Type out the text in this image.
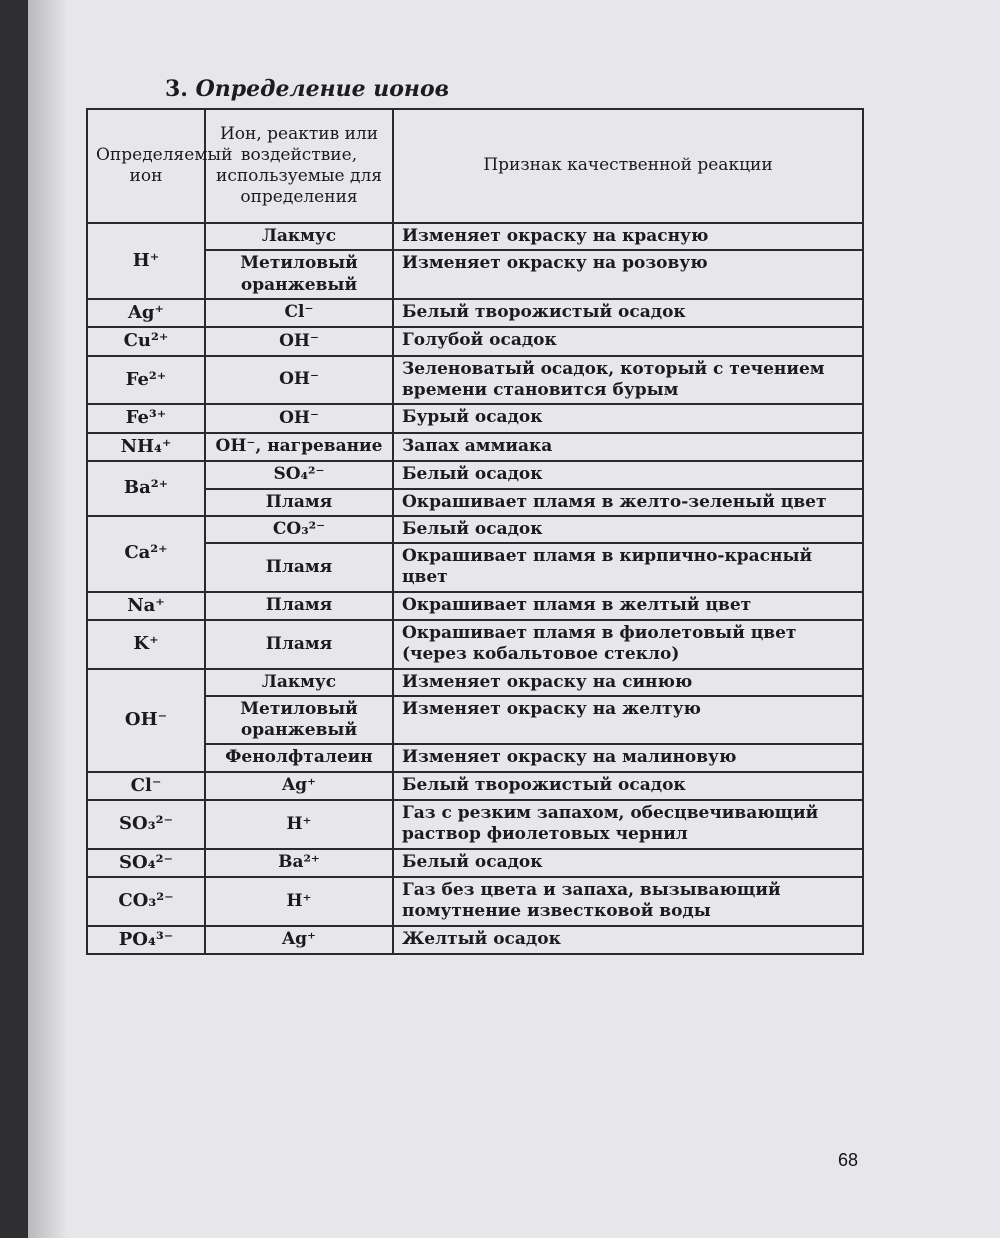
3. Определение ионов
Определяемый ион	Ион, реактив или воздействие, используемые для определения	Признак качественной реакции
H⁺	Лакмус	Изменяет окраску на красную
	Метиловый оранжевый	Изменяет окраску на розовую
Ag⁺	Cl⁻	Белый творожистый осадок
Cu²⁺	OH⁻	Голубой осадок
Fe²⁺	OH⁻	Зеленоватый осадок, который с течением времени становится бурым
Fe³⁺	OH⁻	Бурый осадок
NH₄⁺	OH⁻, нагревание	Запах аммиака
Ba²⁺	SO₄²⁻	Белый осадок
	Пламя	Окрашивает пламя в желто-зеленый цвет
Ca²⁺	CO₃²⁻	Белый осадок
	Пламя	Окрашивает пламя в кирпично-красный цвет
Na⁺	Пламя	Окрашивает пламя в желтый цвет
K⁺	Пламя	Окрашивает пламя в фиолетовый цвет (через кобальтовое стекло)
OH⁻	Лакмус	Изменяет окраску на синюю
	Метиловый оранжевый	Изменяет окраску на желтую
	Фенолфталеин	Изменяет окраску на малиновую
Cl⁻	Ag⁺	Белый творожистый осадок
SO₃²⁻	H⁺	Газ с резким запахом, обесцвечивающий раствор фиолетовых чернил
SO₄²⁻	Ba²⁺	Белый осадок
CO₃²⁻	H⁺	Газ без цвета и запаха, вызывающий помутнение известковой воды
PO₄³⁻	Ag⁺	Желтый осадок
68
